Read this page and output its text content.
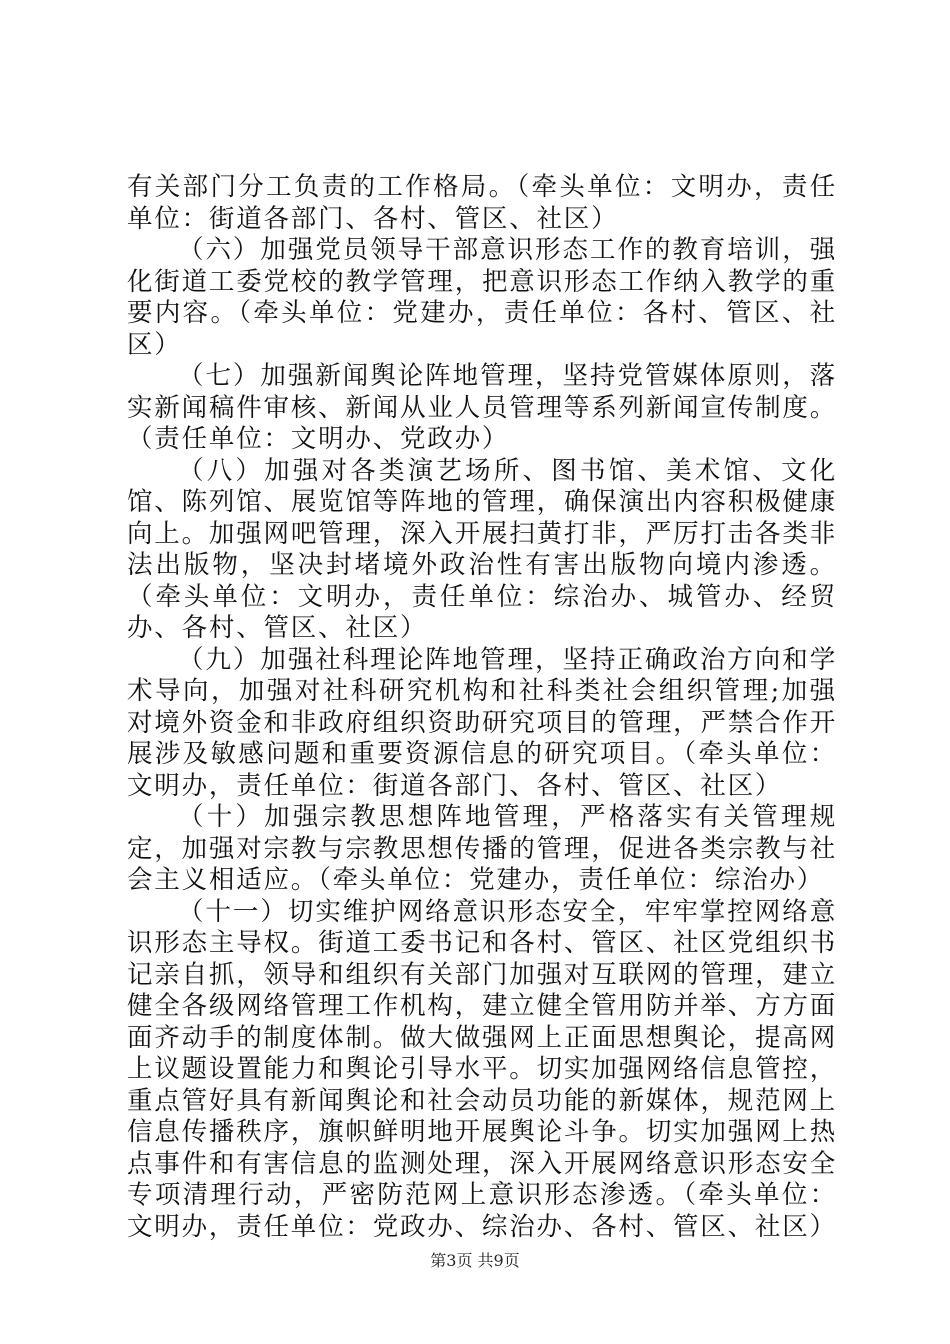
有关部门分工负责的工作格局。（牵头单位：文明办，责任单位：街道各部门、各村、管区、社区）

（六）加强党员领导干部意识形态工作的教育培训，强化街道工委党校的教学管理，把意识形态工作纳入教学的重要内容。（牵头单位：党建办，责任单位：各村、管区、社区）

（七）加强新闻舆论阵地管理，坚持党管媒体原则，落实新闻稿件审核、新闻从业人员管理等系列新闻宣传制度。（责任单位：文明办、党政办）

（八）加强对各类演艺场所、图书馆、美术馆、文化馆、陈列馆、展览馆等阵地的管理，确保演出内容积极健康向上。加强网吧管理，深入开展扫黄打非，严厉打击各类非法出版物，坚决封堵境外政治性有害出版物向境内渗透。（牵头单位：文明办，责任单位：综治办、城管办、经贸办、各村、管区、社区）

（九）加强社科理论阵地管理，坚持正确政治方向和学术导向，加强对社科研究机构和社科类社会组织管理;加强对境外资金和非政府组织资助研究项目的管理，严禁合作开展涉及敏感问题和重要资源信息的研究项目。（牵头单位：文明办，责任单位：街道各部门、各村、管区、社区）

（十）加强宗教思想阵地管理，严格落实有关管理规定，加强对宗教与宗教思想传播的管理，促进各类宗教与社会主义相适应。（牵头单位：党建办，责任单位：综治办）

（十一）切实维护网络意识形态安全，牢牢掌控网络意识形态主导权。街道工委书记和各村、管区、社区党组织书记亲自抓，领导和组织有关部门加强对互联网的管理，建立健全各级网络管理工作机构，建立健全管用防并举、方方面面齐动手的制度体制。做大做强网上正面思想舆论，提高网上议题设置能力和舆论引导水平。切实加强网络信息管控，重点管好具有新闻舆论和社会动员功能的新媒体，规范网上信息传播秩序，旗帜鲜明地开展舆论斗争。切实加强网上热点事件和有害信息的监测处理，深入开展网络意识形态安全专项清理行动，严密防范网上意识形态渗透。（牵头单位：文明办，责任单位：党政办、综治办、各村、管区、社区）

第3页 共9页
